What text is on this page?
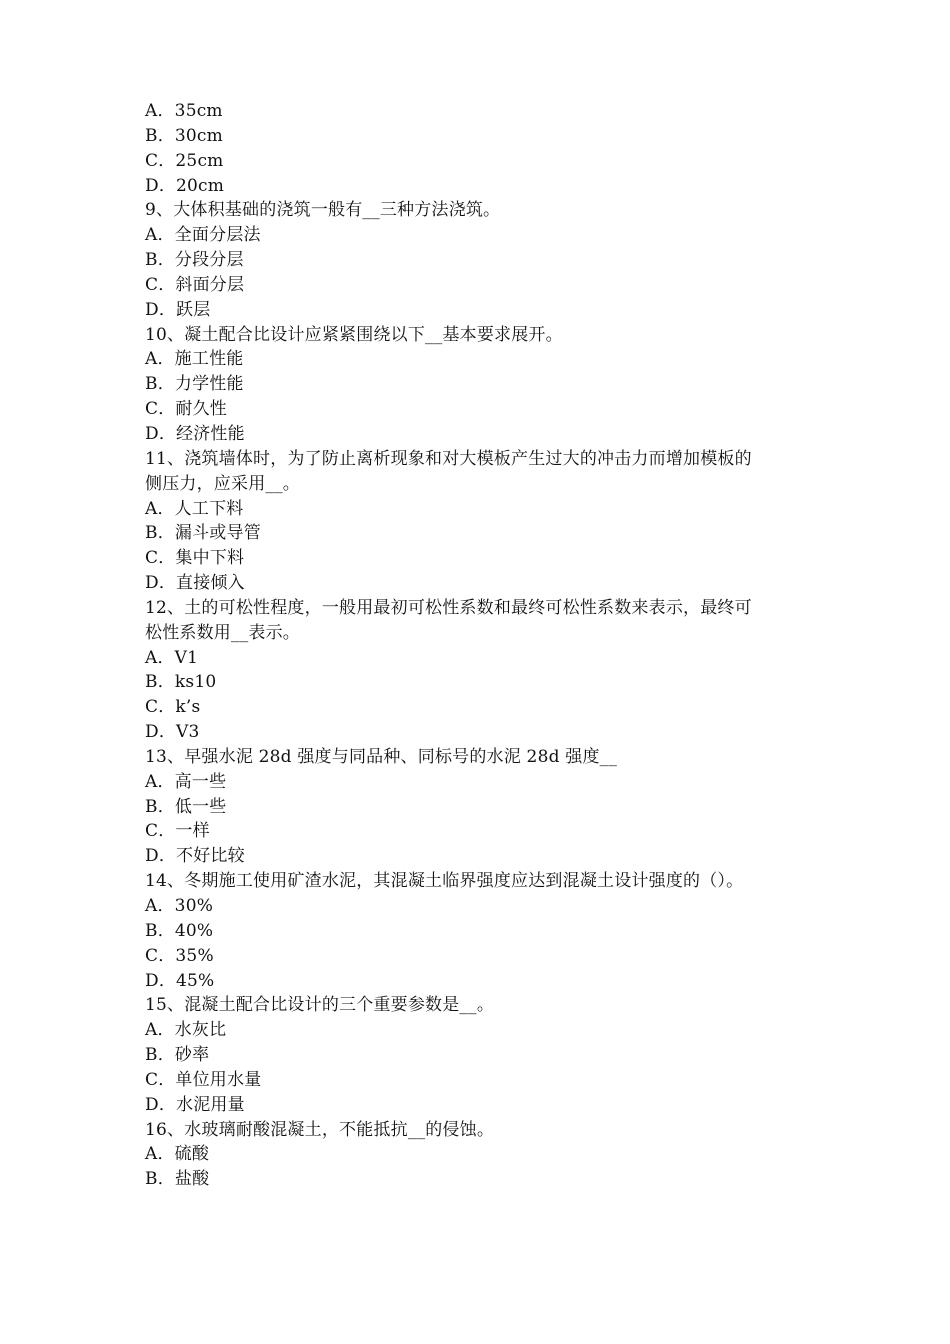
A．35cm
B．30cm
C．25cm
D．20cm
9、大体积基础的浇筑一般有__三种方法浇筑。
A．全面分层法
B．分段分层
C．斜面分层
D．跃层
10、凝土配合比设计应紧紧围绕以下__基本要求展开。
A．施工性能
B．力学性能
C．耐久性
D．经济性能
11、浇筑墙体时，为了防止离析现象和对大模板产生过大的冲击力而增加模板的
侧压力，应采用__。
A．人工下料
B．漏斗或导管
C．集中下料
D．直接倾入
12、土的可松性程度，一般用最初可松性系数和最终可松性系数来表示，最终可
松性系数用__表示。
A．V1
B．ks10
C．k’s
D．V3
13、早强水泥 28d 强度与同品种、同标号的水泥 28d 强度__
A．高一些
B．低一些
C．一样
D．不好比较
14、冬期施工使用矿渣水泥，其混凝土临界强度应达到混凝土设计强度的（）。
A．30%
B．40%
C．35%
D．45%
15、混凝土配合比设计的三个重要参数是__。
A．水灰比
B．砂率
C．单位用水量
D．水泥用量
16、水玻璃耐酸混凝土，不能抵抗__的侵蚀。
A．硫酸
B．盐酸
